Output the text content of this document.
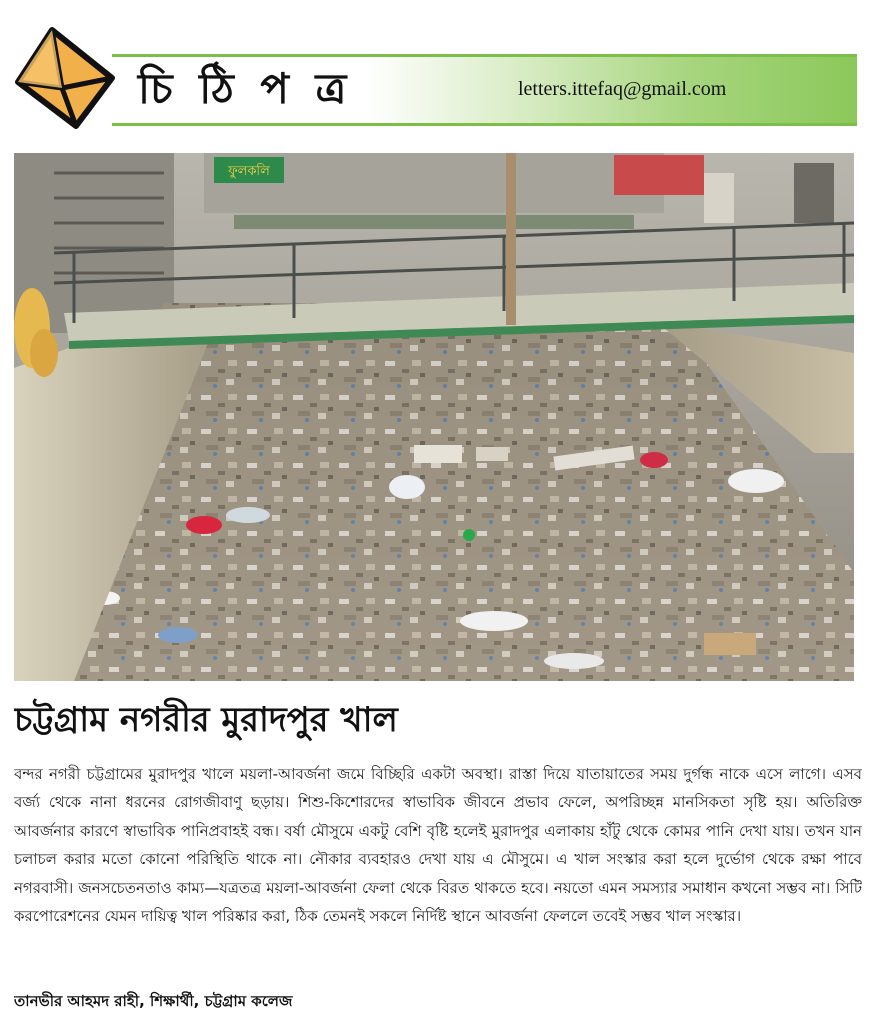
চি ঠি প ত্র	letters.ittefaq@gmail.com
ফুলকলি
চট্টগ্রাম নগরীর মুরাদপুর খাল
বন্দর নগরী চট্টগ্রামের মুরাদপুর খালে ময়লা-আবর্জনা জমে বিচ্ছিরি একটা অবস্থা। রাস্তা দিয়ে যাতায়াতের সময় দুর্গন্ধ নাকে এসে লাগে। এসব বর্জ্য থেকে নানা ধরনের রোগজীবাণু ছড়ায়। শিশু-কিশোরদের স্বাভাবিক জীবনে প্রভাব ফেলে, অপরিচ্ছন্ন মানসিকতা সৃষ্টি হয়। অতিরিক্ত আবর্জনার কারণে স্বাভাবিক পানিপ্রবাহই বন্ধ। বর্ষা মৌসুমে একটু বেশি বৃষ্টি হলেই মুরাদপুর এলাকায় হাঁটু থেকে কোমর পানি দেখা যায়। তখন যান চলাচল করার মতো কোনো পরিস্থিতি থাকে না। নৌকার ব্যবহারও দেখা যায় এ মৌসুমে। এ খাল সংস্কার করা হলে দুর্ভোগ থেকে রক্ষা পাবে নগরবাসী। জনসচেতনতাও কাম্য—যত্রতত্র ময়লা-আবর্জনা ফেলা থেকে বিরত থাকতে হবে। নয়তো এমন সমস্যার সমাধান কখনো সম্ভব না। সিটি করপোরেশনের যেমন দায়িত্ব খাল পরিষ্কার করা, ঠিক তেমনই সকলে নির্দিষ্ট স্থানে আবর্জনা ফেললে তবেই সম্ভব খাল সংস্কার।
তানভীর আহমদ রাহী, শিক্ষার্থী, চট্টগ্রাম কলেজ
